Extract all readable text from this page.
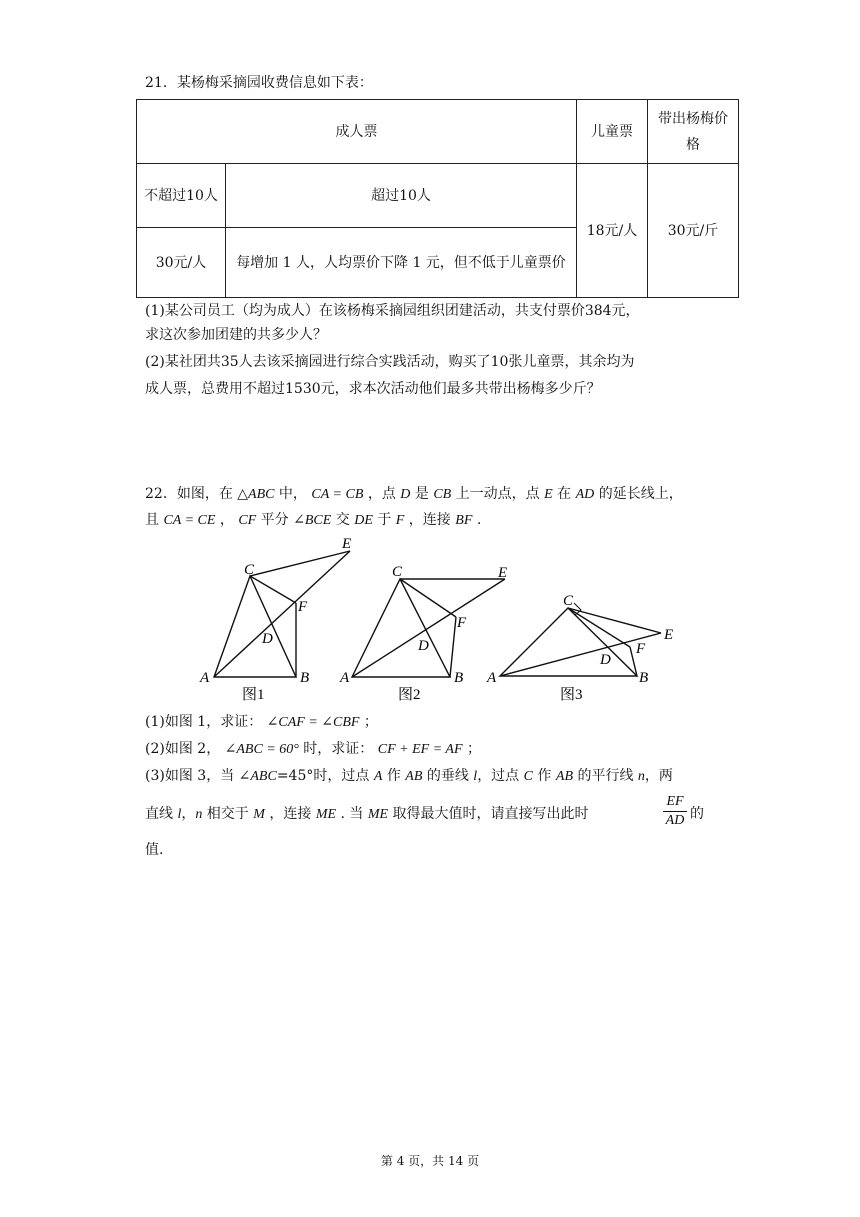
21．某杨梅采摘园收费信息如下表：
成人票		儿童票	带出杨梅价格
不超过10人	超过10人	18元/人	30元/斤
30元/人	每增加 1 人，人均票价下降 1 元，但不低于儿童票价		
(1)某公司员工（均为成人）在该杨梅采摘园组织团建活动，共支付票价384元，
求这次参加团建的共多少人？
(2)某社团共35人去该采摘园进行综合实践活动，购买了10张儿童票，其余均为
成人票，总费用不超过1530元，求本次活动他们最多共带出杨梅多少斤？
22．如图，在 △ABC 中， CA = CB ，点 D 是 CB 上一动点，点 E 在 AD 的延长线上，
且 CA = CE ， CF 平分 ∠BCE 交 DE 于 F ，连接 BF .
A	B
C
D
E
F
A	B
C
D
E
F
A	B
C
D
E
F
图1	图2	图3
(1)如图 1，求证： ∠CAF = ∠CBF ；
(2)如图 2， ∠ABC = 60° 时，求证： CF + EF = AF ；
(3)如图 3，当 ∠ABC=45°时，过点 A 作 AB 的垂线 l，过点 C 作 AB 的平行线 n，两
直线 l，n 相交于 M ，连接 ME . 当 ME 取得最大值时，请直接写出此时
EF
AD 的
值.
第 4 页，共 14 页
